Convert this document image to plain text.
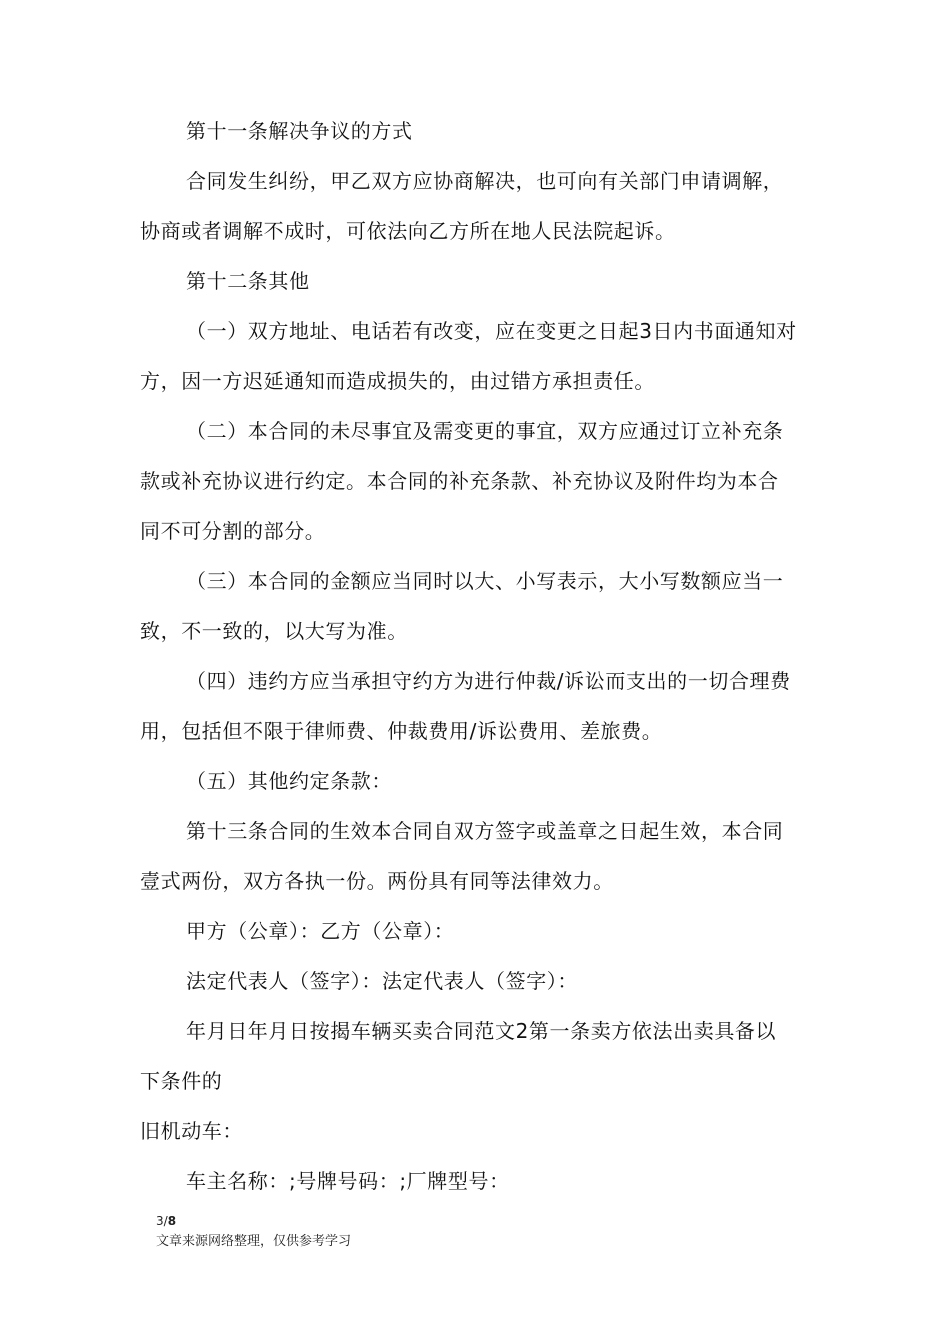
第十一条解决争议的方式
合同发生纠纷，甲乙双方应协商解决，也可向有关部门申请调解，
协商或者调解不成时，可依法向乙方所在地人民法院起诉。
第十二条其他
（一）双方地址、电话若有改变，应在变更之日起3日内书面通知对
方，因一方迟延通知而造成损失的，由过错方承担责任。
（二）本合同的未尽事宜及需变更的事宜，双方应通过订立补充条
款或补充协议进行约定。本合同的补充条款、补充协议及附件均为本合
同不可分割的部分。
（三）本合同的金额应当同时以大、小写表示，大小写数额应当一
致，不一致的，以大写为准。
（四）违约方应当承担守约方为进行仲裁/诉讼而支出的一切合理费
用，包括但不限于律师费、仲裁费用/诉讼费用、差旅费。
（五）其他约定条款：
第十三条合同的生效本合同自双方签字或盖章之日起生效，本合同
壹式两份，双方各执一份。两份具有同等法律效力。
甲方（公章）：乙方（公章）：
法定代表人（签字）：法定代表人（签字）：
年月日年月日按揭车辆买卖合同范文2第一条卖方依法出卖具备以
下条件的
旧机动车：
车主名称：;号牌号码：;厂牌型号：
3/8
文章来源网络整理，仅供参考学习
